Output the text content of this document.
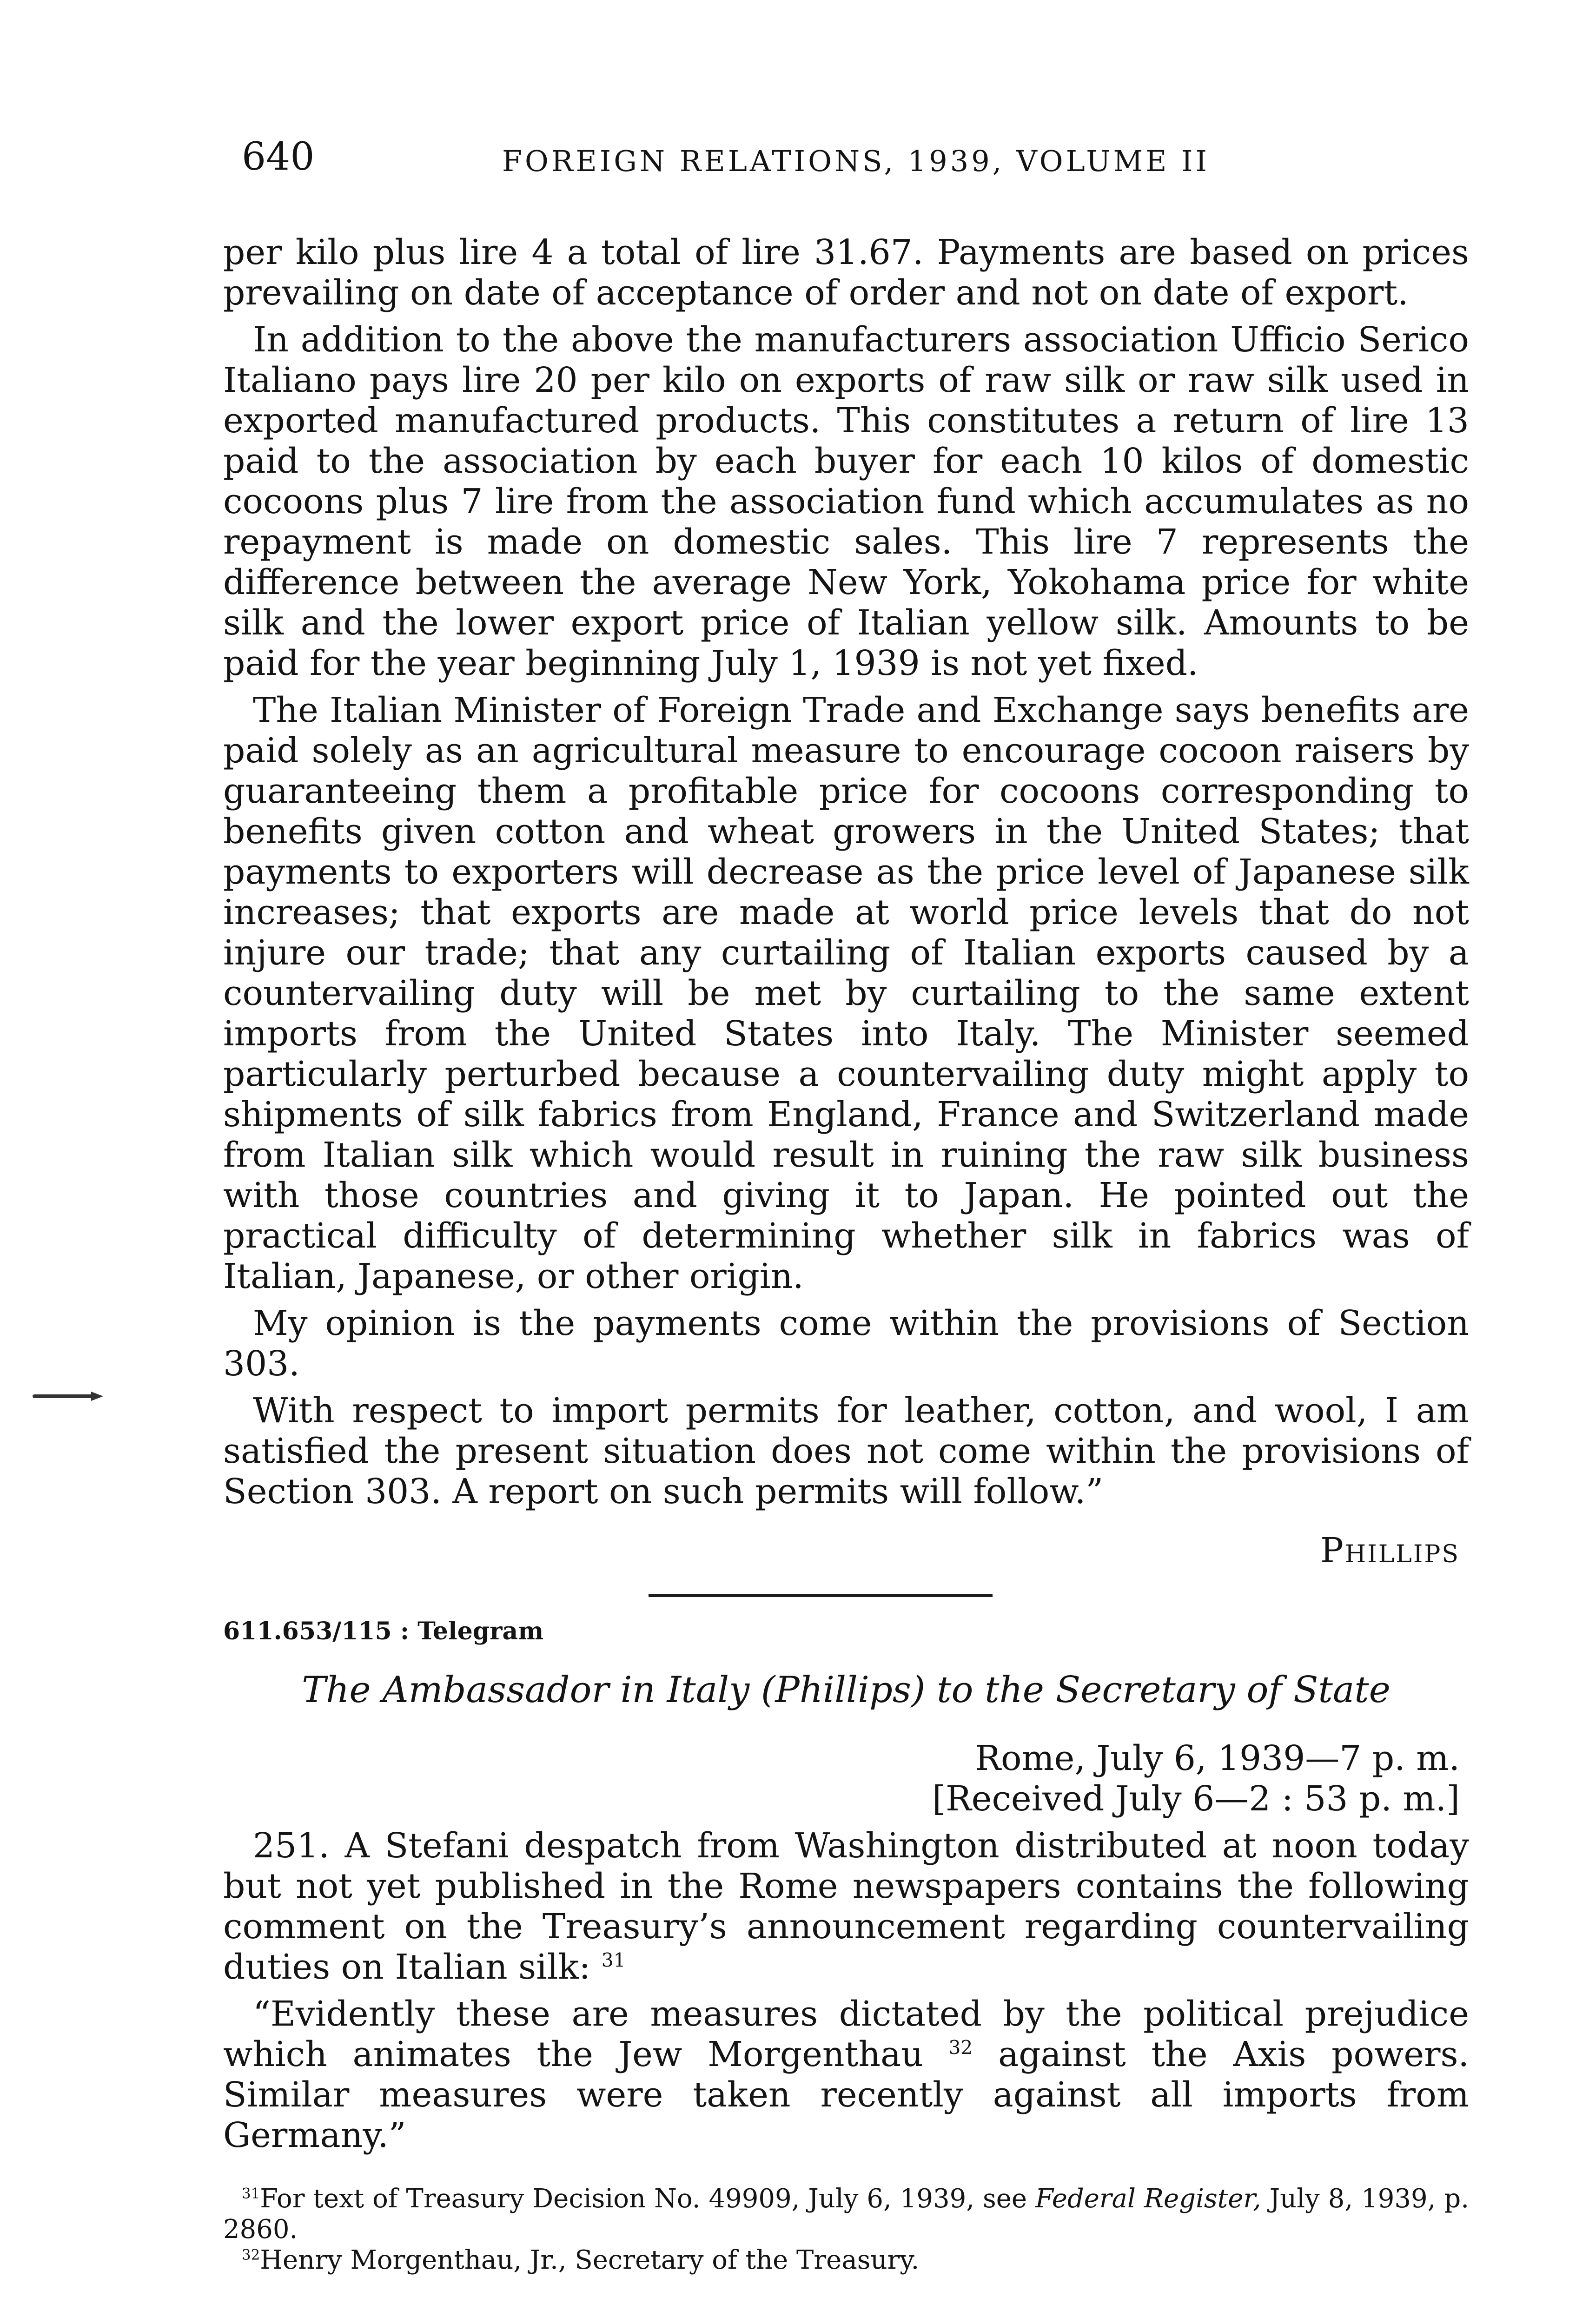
640	FOREIGN RELATIONS, 1939, VOLUME II

per kilo plus lire 4 a total of lire 31.67. Payments are based on prices prevailing on date of acceptance of order and not on date of export.

In addition to the above the manufacturers association Ufficio Serico Italiano pays lire 20 per kilo on exports of raw silk or raw silk used in exported manufactured products. This constitutes a return of lire 13 paid to the association by each buyer for each 10 kilos of domestic cocoons plus 7 lire from the association fund which accumulates as no repayment is made on domestic sales. This lire 7 represents the difference between the average New York, Yokohama price for white silk and the lower export price of Italian yellow silk. Amounts to be paid for the year beginning July 1, 1939 is not yet fixed.

The Italian Minister of Foreign Trade and Exchange says benefits are paid solely as an agricultural measure to encourage cocoon raisers by guaranteeing them a profitable price for cocoons corresponding to benefits given cotton and wheat growers in the United States; that payments to exporters will decrease as the price level of Japanese silk increases; that exports are made at world price levels that do not injure our trade; that any curtailing of Italian exports caused by a countervailing duty will be met by curtailing to the same extent imports from the United States into Italy. The Minister seemed particularly perturbed because a countervailing duty might apply to shipments of silk fabrics from England, France and Switzerland made from Italian silk which would result in ruining the raw silk business with those countries and giving it to Japan. He pointed out the practical difficulty of determining whether silk in fabrics was of Italian, Japanese, or other origin.

My opinion is the payments come within the provisions of Section 303.

With respect to import permits for leather, cotton, and wool, I am satisfied the present situation does not come within the provisions of Section 303. A report on such permits will follow.”

Phillips
611.653/115 : Telegram
The Ambassador in Italy (Phillips) to the Secretary of State
Rome, July 6, 1939—7 p. m.
[Received July 6—2 : 53 p. m.]

251. A Stefani despatch from Washington distributed at noon today but not yet published in the Rome newspapers contains the following comment on the Treasury’s announcement regarding countervailing duties on Italian silk: $^{31}$

“Evidently these are measures dictated by the political prejudice which animates the Jew Morgenthau $^{32}$ against the Axis powers. Similar measures were taken recently against all imports from Germany.”

$^{31}$For text of Treasury Decision No. 49909, July 6, 1939, see Federal Register, July 8, 1939, p. 2860.

$^{32}$Henry Morgenthau, Jr., Secretary of the Treasury.
